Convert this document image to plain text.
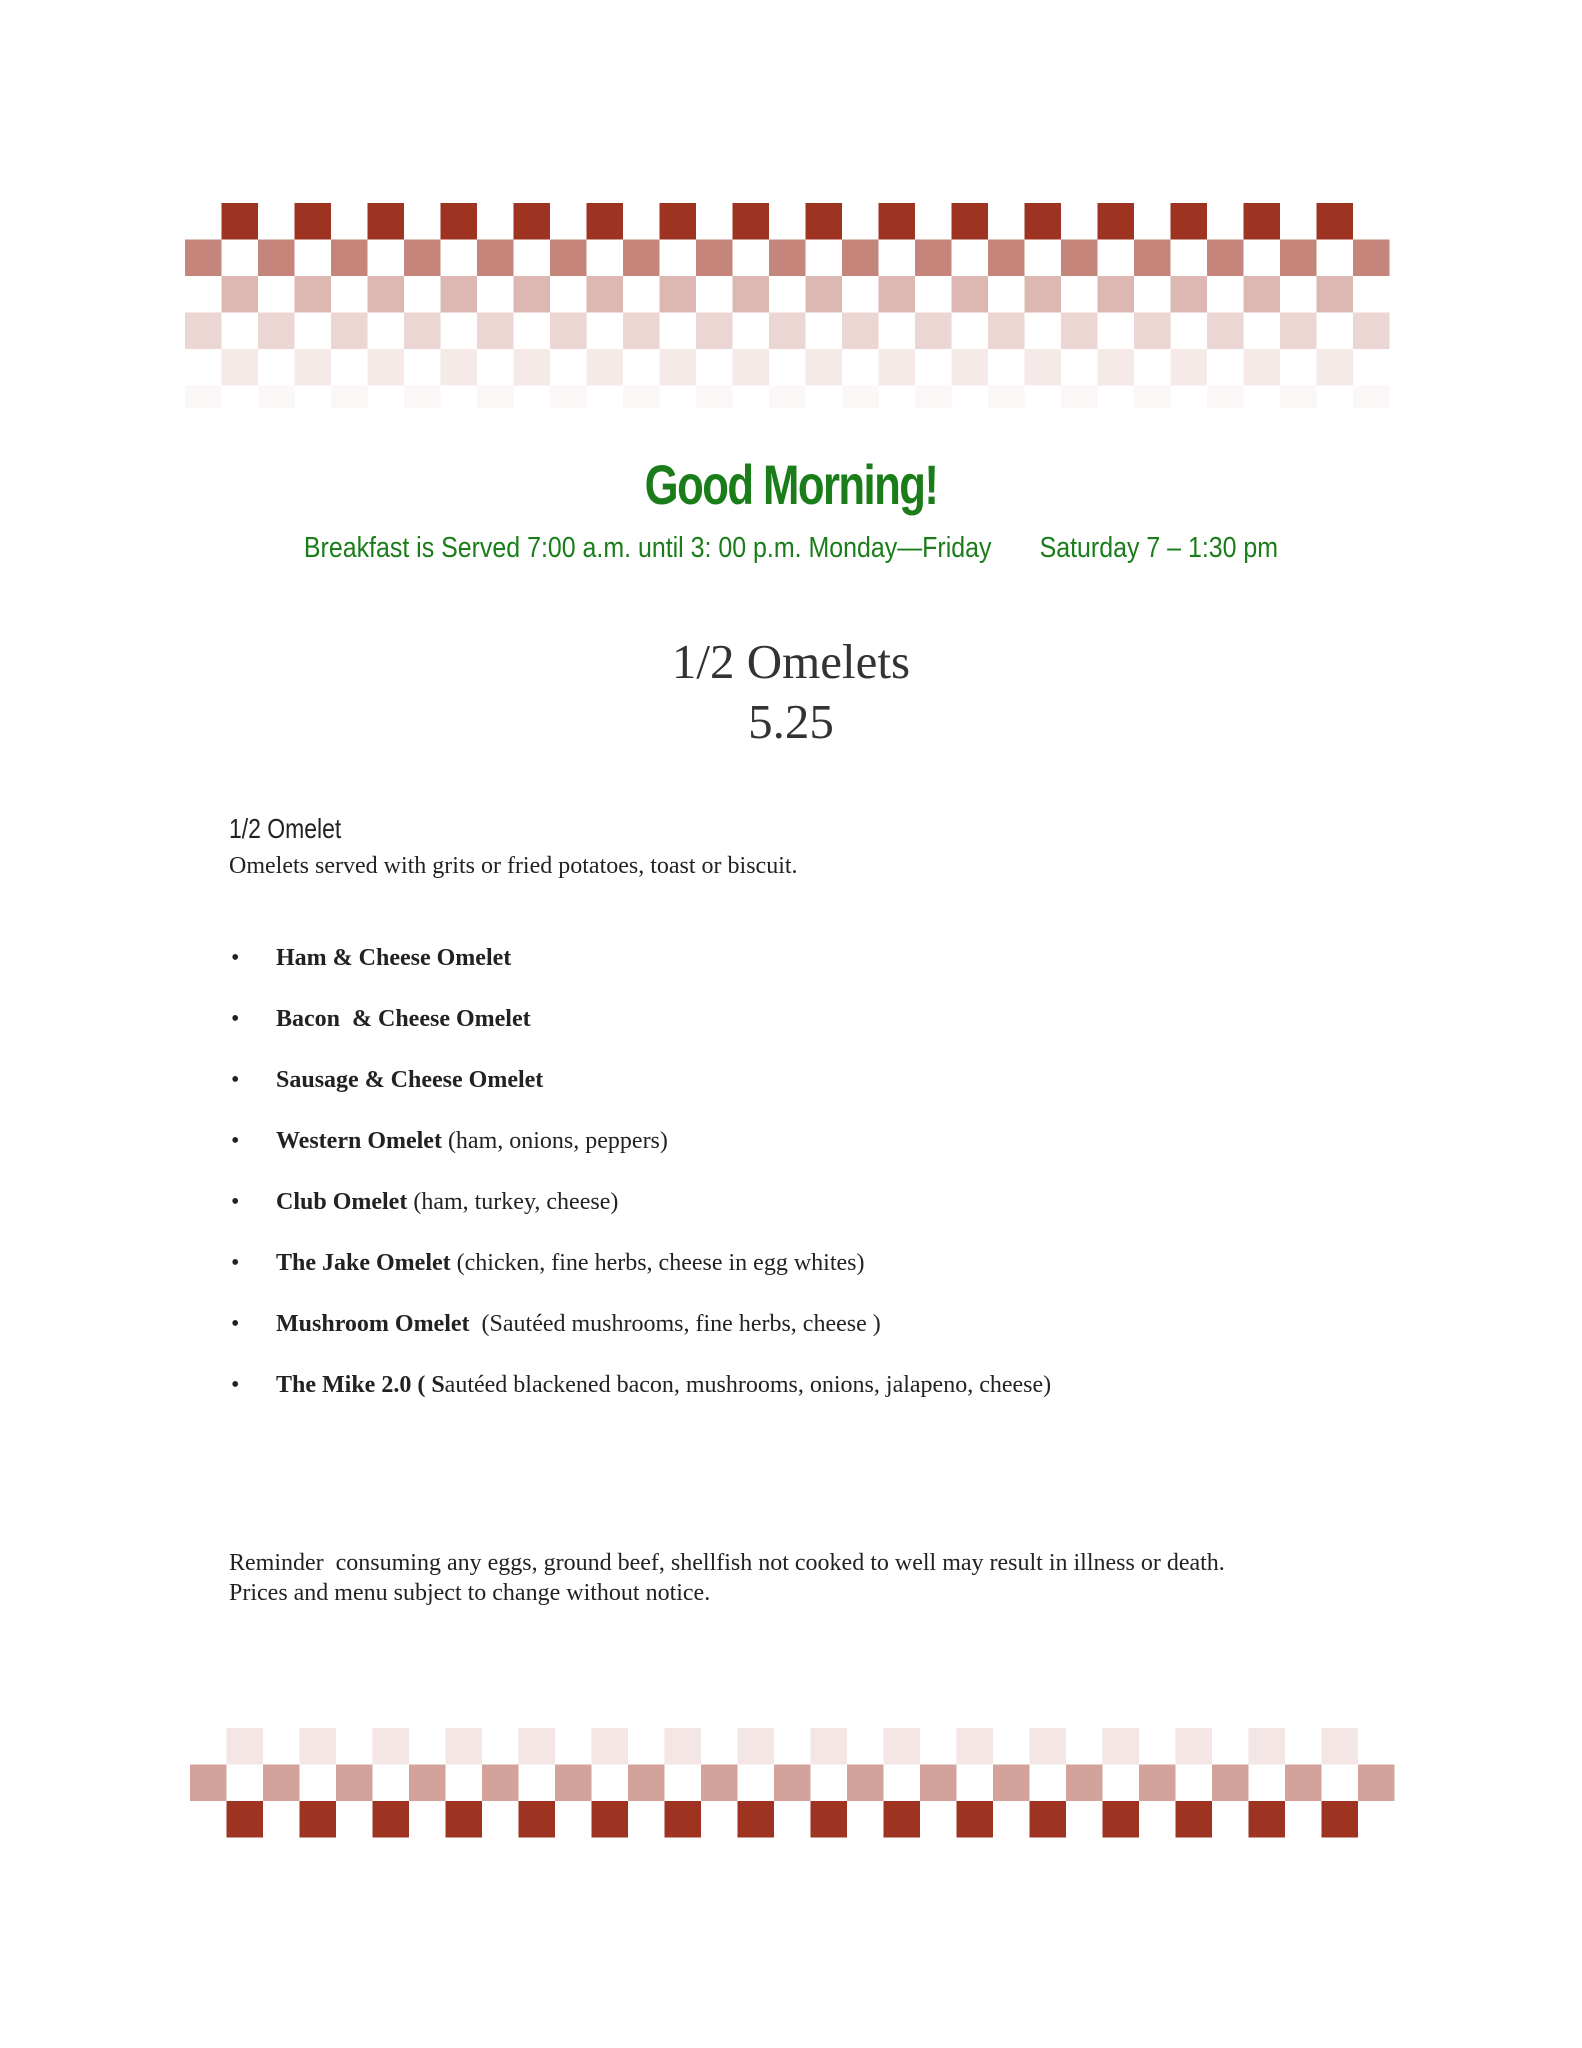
Good Morning!
Breakfast is Served 7:00 a.m. until 3: 00 p.m. Monday—Friday Saturday 7 – 1:30 pm
1/2 Omelets
5.25
1/2 Omelet
Omelets served with grits or fried potatoes, toast or biscuit.
• Ham & Cheese Omelet
• Bacon  & Cheese Omelet
• Sausage & Cheese Omelet
• Western Omelet (ham, onions, peppers)
• Club Omelet (ham, turkey, cheese)
• The Jake Omelet (chicken, fine herbs, cheese in egg whites)
• Mushroom Omelet  (Sautéed mushrooms, fine herbs, cheese )
• The Mike 2.0 ( Sautéed blackened bacon, mushrooms, onions, jalapeno, cheese)
Reminder  consuming any eggs, ground beef, shellfish not cooked to well may result in illness or death.
Prices and menu subject to change without notice.
